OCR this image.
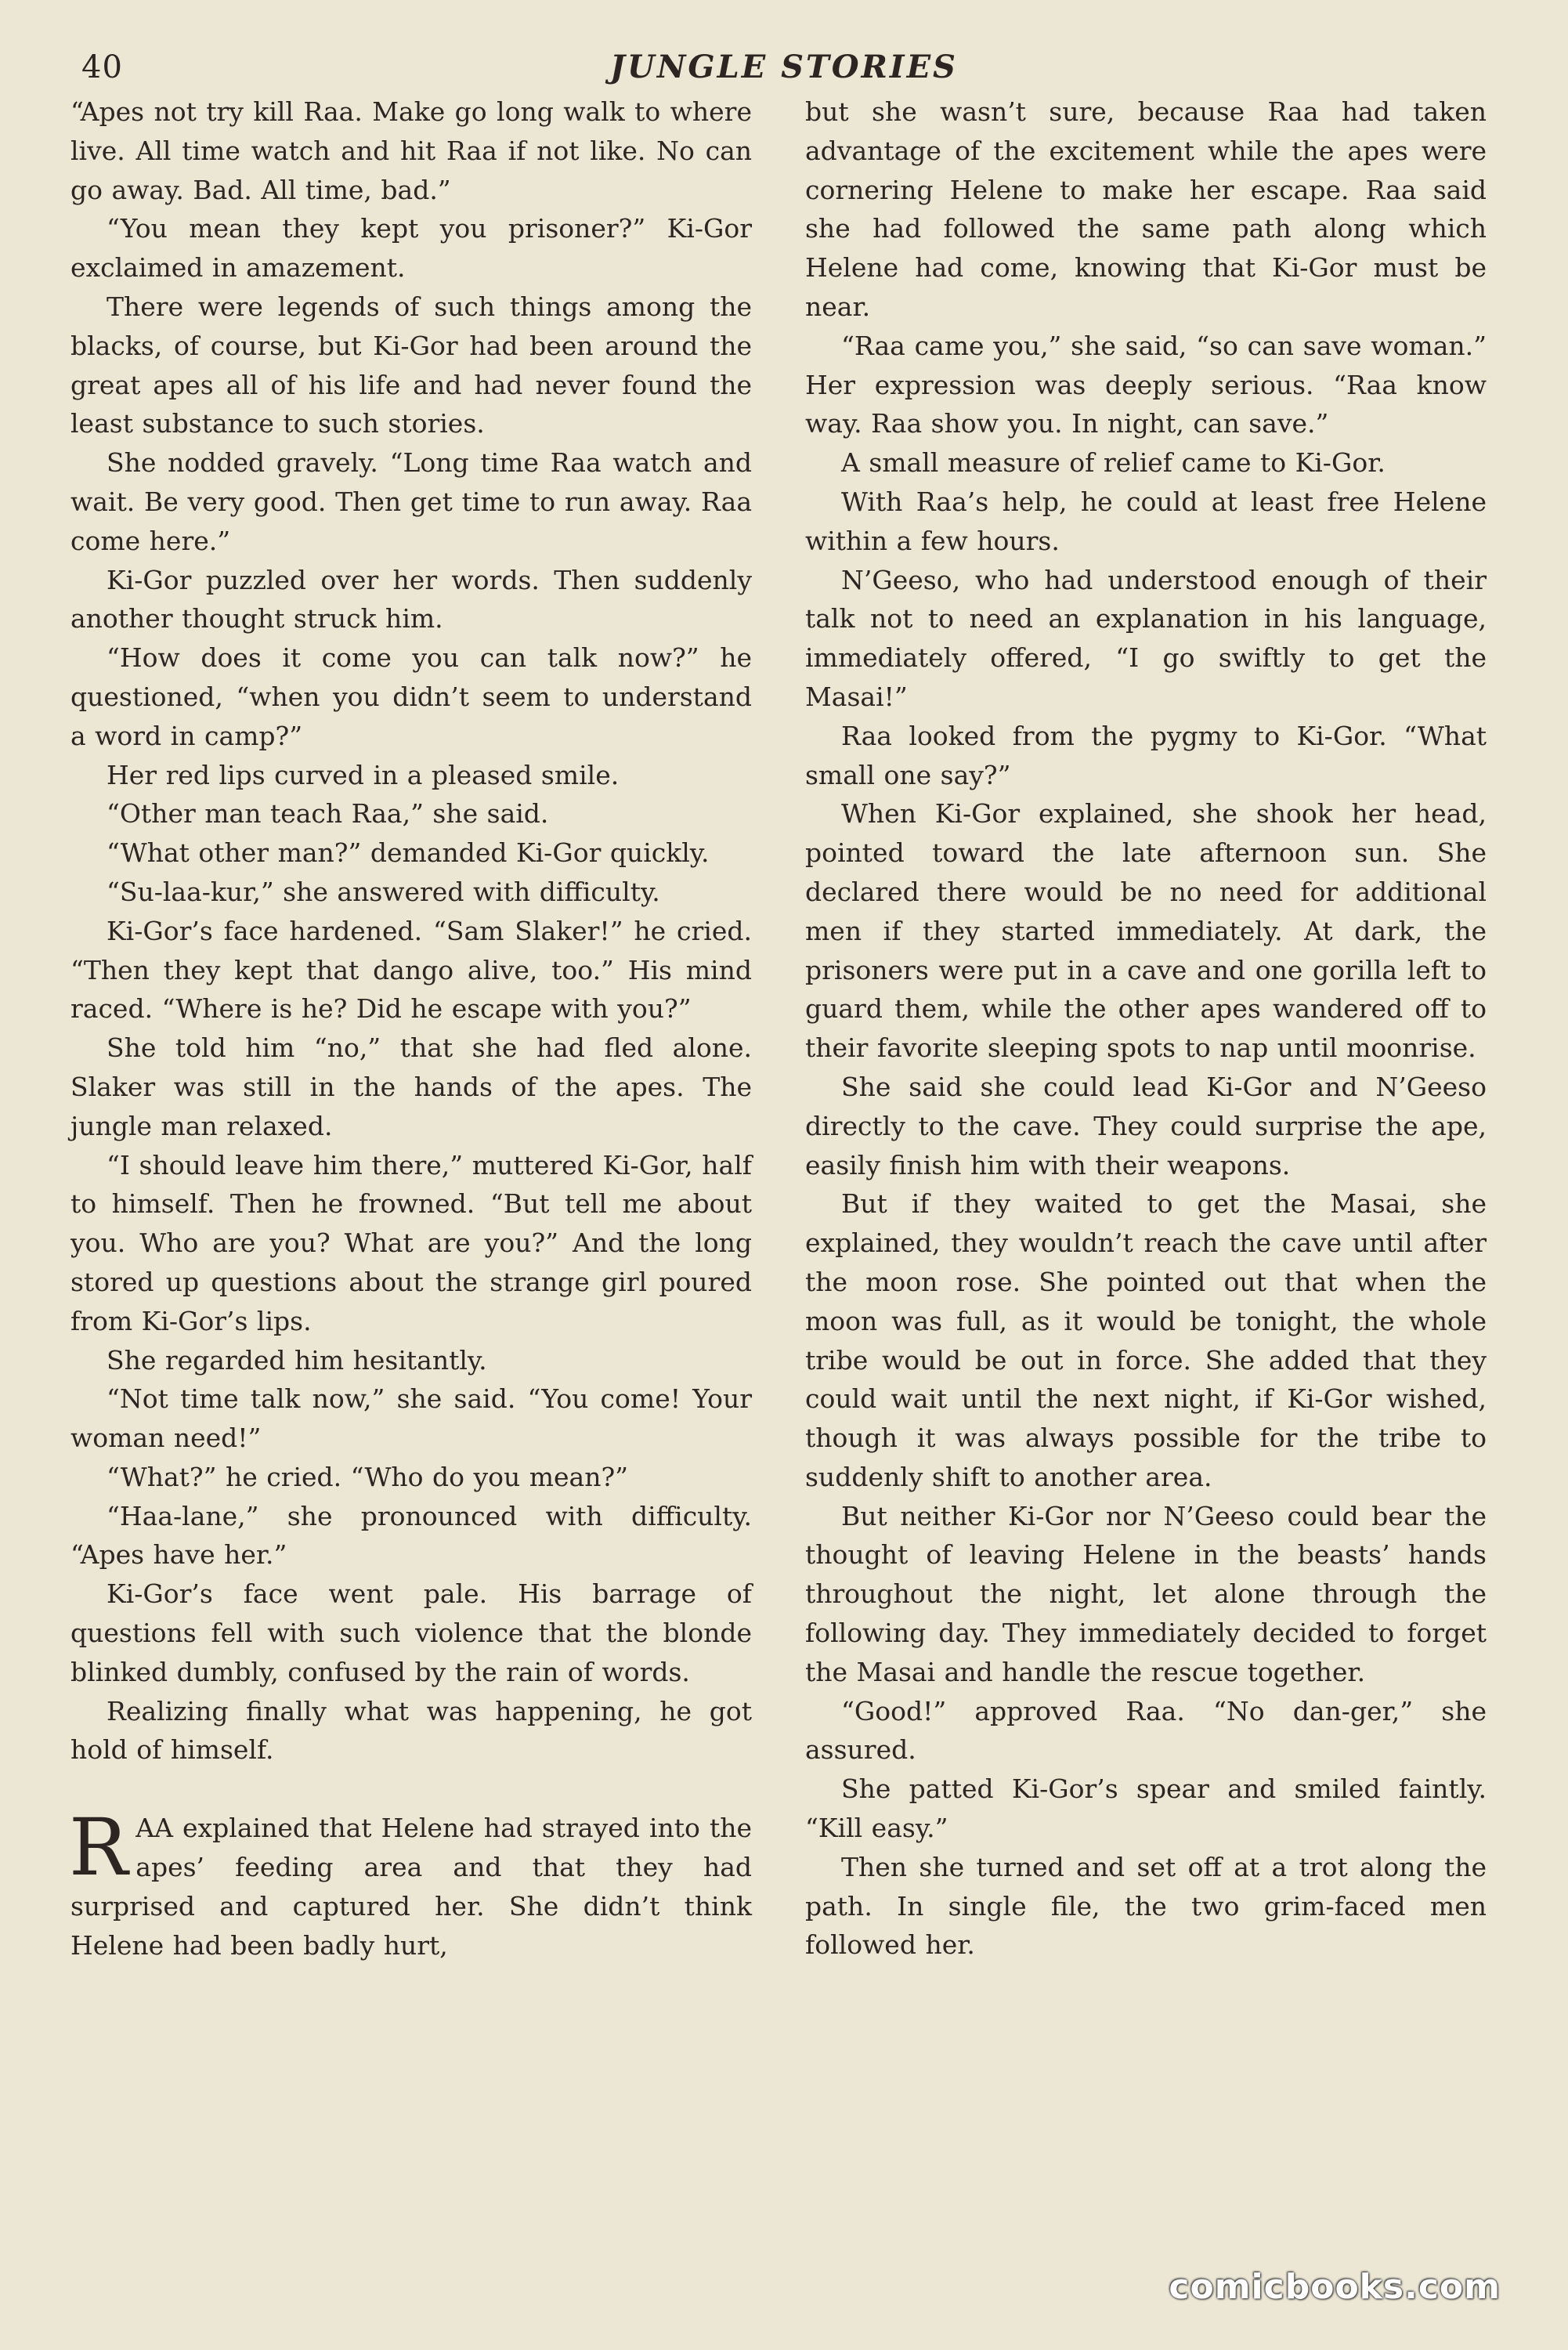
40	JUNGLE STORIES

“Apes not try kill Raa. Make go long walk to where live. All time watch and hit Raa if not like. No can go away. Bad. All time, bad.”

“You mean they kept you prisoner?” Ki-Gor exclaimed in amazement.

There were legends of such things among the blacks, of course, but Ki-Gor had been around the great apes all of his life and had never found the least substance to such stories.

She nodded gravely. “Long time Raa watch and wait. Be very good. Then get time to run away. Raa come here.”

Ki-Gor puzzled over her words. Then suddenly another thought struck him.

“How does it come you can talk now?” he questioned, “when you didn’t seem to understand a word in camp?”

Her red lips curved in a pleased smile.

“Other man teach Raa,” she said.

“What other man?” demanded Ki-Gor quickly.

“Su-laa-kur,” she answered with difficulty.

Ki-Gor’s face hardened. “Sam Slaker!” he cried. “Then they kept that dango alive, too.” His mind raced. “Where is he? Did he escape with you?”

She told him “no,” that she had fled alone. Slaker was still in the hands of the apes. The jungle man relaxed.

“I should leave him there,” muttered Ki-Gor, half to himself. Then he frowned. “But tell me about you. Who are you? What are you?” And the long stored up questions about the strange girl poured from Ki-Gor’s lips.

She regarded him hesitantly.

“Not time talk now,” she said. “You come! Your woman need!”

“What?” he cried. “Who do you mean?”

“Haa-lane,” she pronounced with difficulty. “Apes have her.”

Ki-Gor’s face went pale. His barrage of questions fell with such violence that the blonde blinked dumbly, confused by the rain of words.

Realizing finally what was happening, he got hold of himself.

RAA explained that Helene had strayed into the apes’ feeding area and that they had surprised and captured her. She didn’t think Helene had been badly hurt,

but she wasn’t sure, because Raa had taken advantage of the excitement while the apes were cornering Helene to make her escape. Raa said she had followed the same path along which Helene had come, knowing that Ki-Gor must be near.

“Raa came you,” she said, “so can save woman.” Her expression was deeply serious. “Raa know way. Raa show you. In night, can save.”

A small measure of relief came to Ki-Gor.

With Raa’s help, he could at least free Helene within a few hours.

N’Geeso, who had understood enough of their talk not to need an explanation in his language, immediately offered, “I go swiftly to get the Masai!”

Raa looked from the pygmy to Ki-Gor. “What small one say?”

When Ki-Gor explained, she shook her head, pointed toward the late afternoon sun. She declared there would be no need for additional men if they started immediately. At dark, the prisoners were put in a cave and one gorilla left to guard them, while the other apes wandered off to their favorite sleeping spots to nap until moonrise.

She said she could lead Ki-Gor and N’Geeso directly to the cave. They could surprise the ape, easily finish him with their weapons.

But if they waited to get the Masai, she explained, they wouldn’t reach the cave until after the moon rose. She pointed out that when the moon was full, as it would be tonight, the whole tribe would be out in force. She added that they could wait until the next night, if Ki-Gor wished, though it was always possible for the tribe to suddenly shift to another area.

But neither Ki-Gor nor N’Geeso could bear the thought of leaving Helene in the beasts’ hands throughout the night, let alone through the following day. They immediately decided to forget the Masai and handle the rescue together.

“Good!” approved Raa. “No dan-ger,” she assured.

She patted Ki-Gor’s spear and smiled faintly. “Kill easy.”

Then she turned and set off at a trot along the path. In single file, the two grim-faced men followed her.

comicbooks.com
